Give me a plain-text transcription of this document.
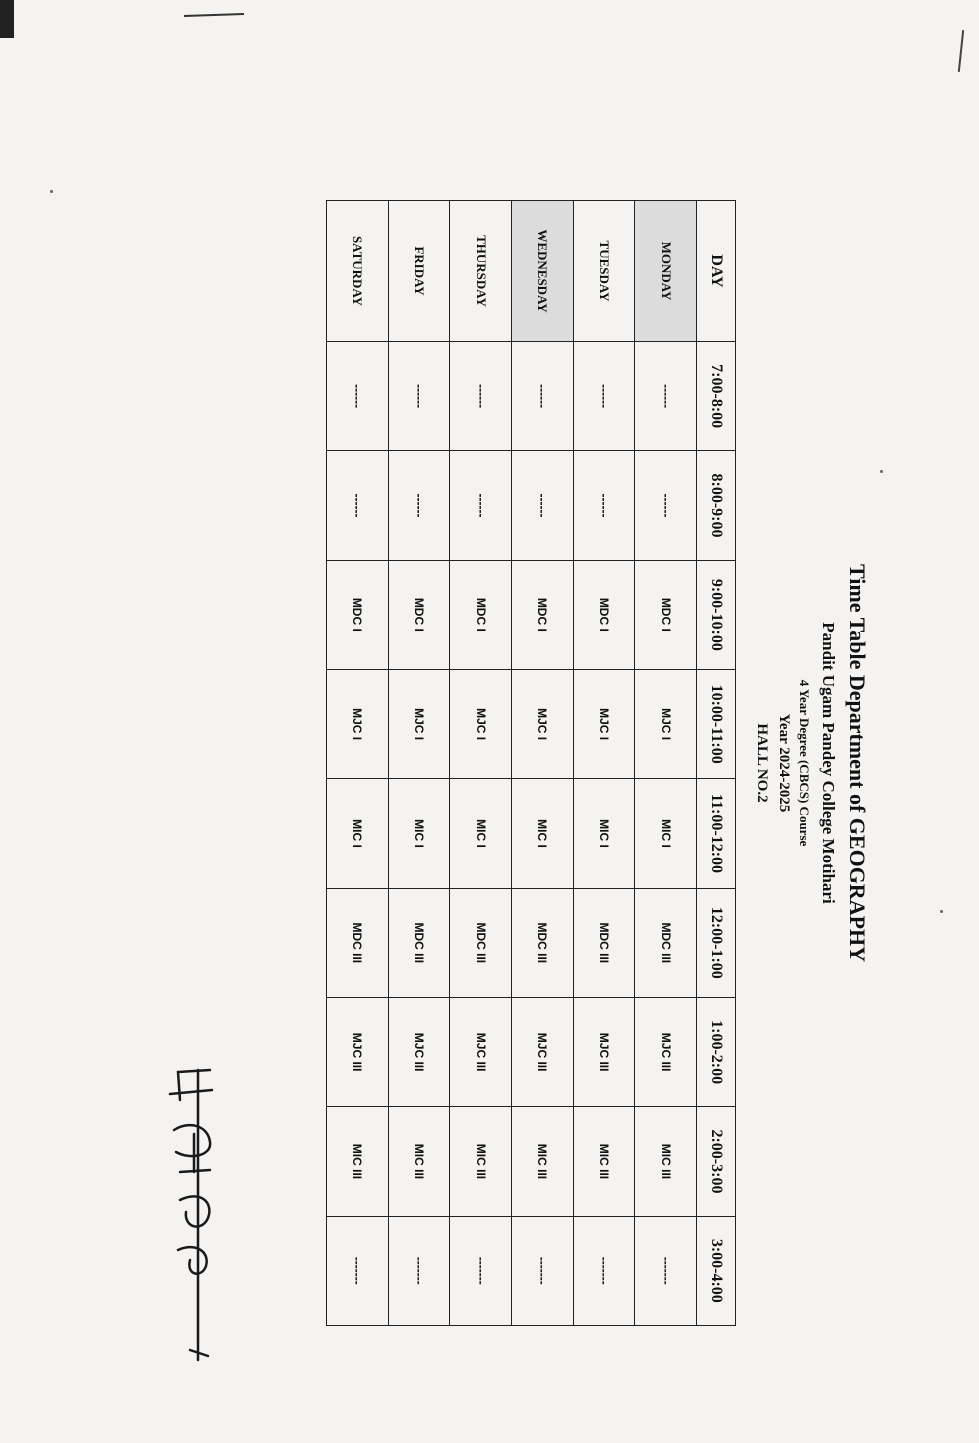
Time Table Department of GEOGRAPHY
Pandit Ugam Pandey College Motihari
4 Year Degree (CBCS) Course
Year 2024-2025
HALL NO.2
DAY	7:00-8:00	8:00-9:00	9:00-10:00	10:00-11:00	11:00-12:00	12:00-1:00	1:00-2:00	2:00-3:00	3:00-4:00
MONDAY	------	------	MDC I	MJC I	MIC I	MDC III	MJC III	MIC III	-------
TUESDAY	------	------	MDC I	MJC I	MIC I	MDC III	MJC III	MIC III	-------
WEDNESDAY	------	------	MDC I	MJC I	MIC I	MDC III	MJC III	MIC III	-------
THURSDAY	------	------	MDC I	MJC I	MIC I	MDC III	MJC III	MIC III	-------
FRIDAY	------	------	MDC I	MJC I	MIC I	MDC III	MJC III	MIC III	-------
SATURDAY	------	------	MDC I	MJC I	MIC I	MDC III	MJC III	MIC III	-------
